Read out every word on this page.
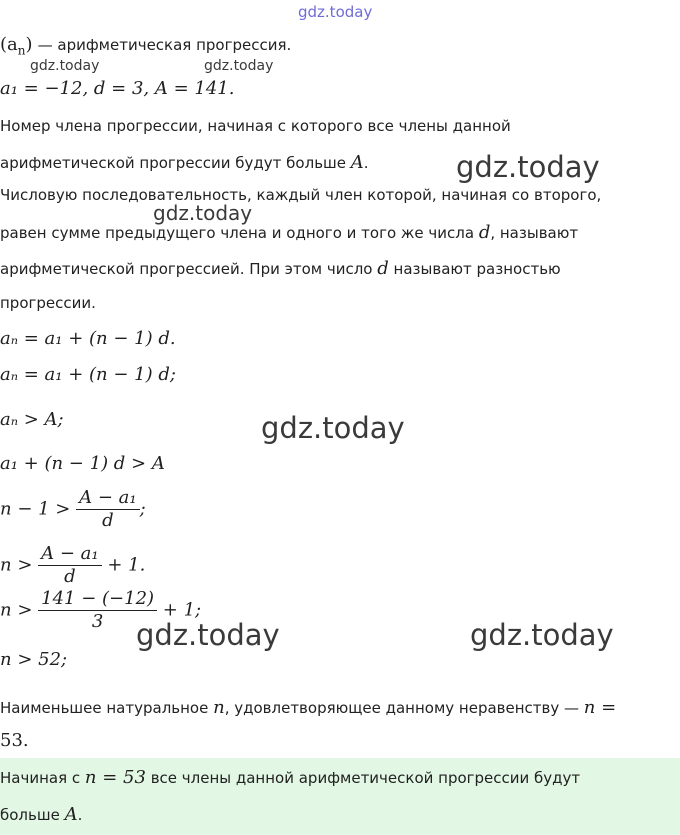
gdz.today
gdz.today	gdz.today
gdz.today
gdz.today
gdz.today
gdz.today	gdz.today
$(a_n)$ — арифметическая прогрессия.
a₁ = −12, d = 3, A = 141.
Номер члена прогрессии, начиная с которого все члены данной
арифметической прогрессии будут больше A.
Числовую последовательность, каждый член которой, начиная со второго,
равен сумме предыдущего члена и одного и того же числа d, называют
арифметической прогрессией. При этом число d называют разностью
прогрессии.
aₙ = a₁ + (n − 1) d.
aₙ = a₁ + (n − 1) d;
aₙ > A;
a₁ + (n − 1) d > A
$n - 1 > \frac{\text{A − a₁}}{d}$ ;
$n > \frac{\text{A − a₁}}{d} + 1$.
$n > \frac{141 - (-12)}{3} + 1$;
n > 52;
Наименьшее натуральное n, удовлетворяющее данному неравенству — n =
53.
Начиная с n = 53 все члены данной арифметической прогрессии будут
больше A.
